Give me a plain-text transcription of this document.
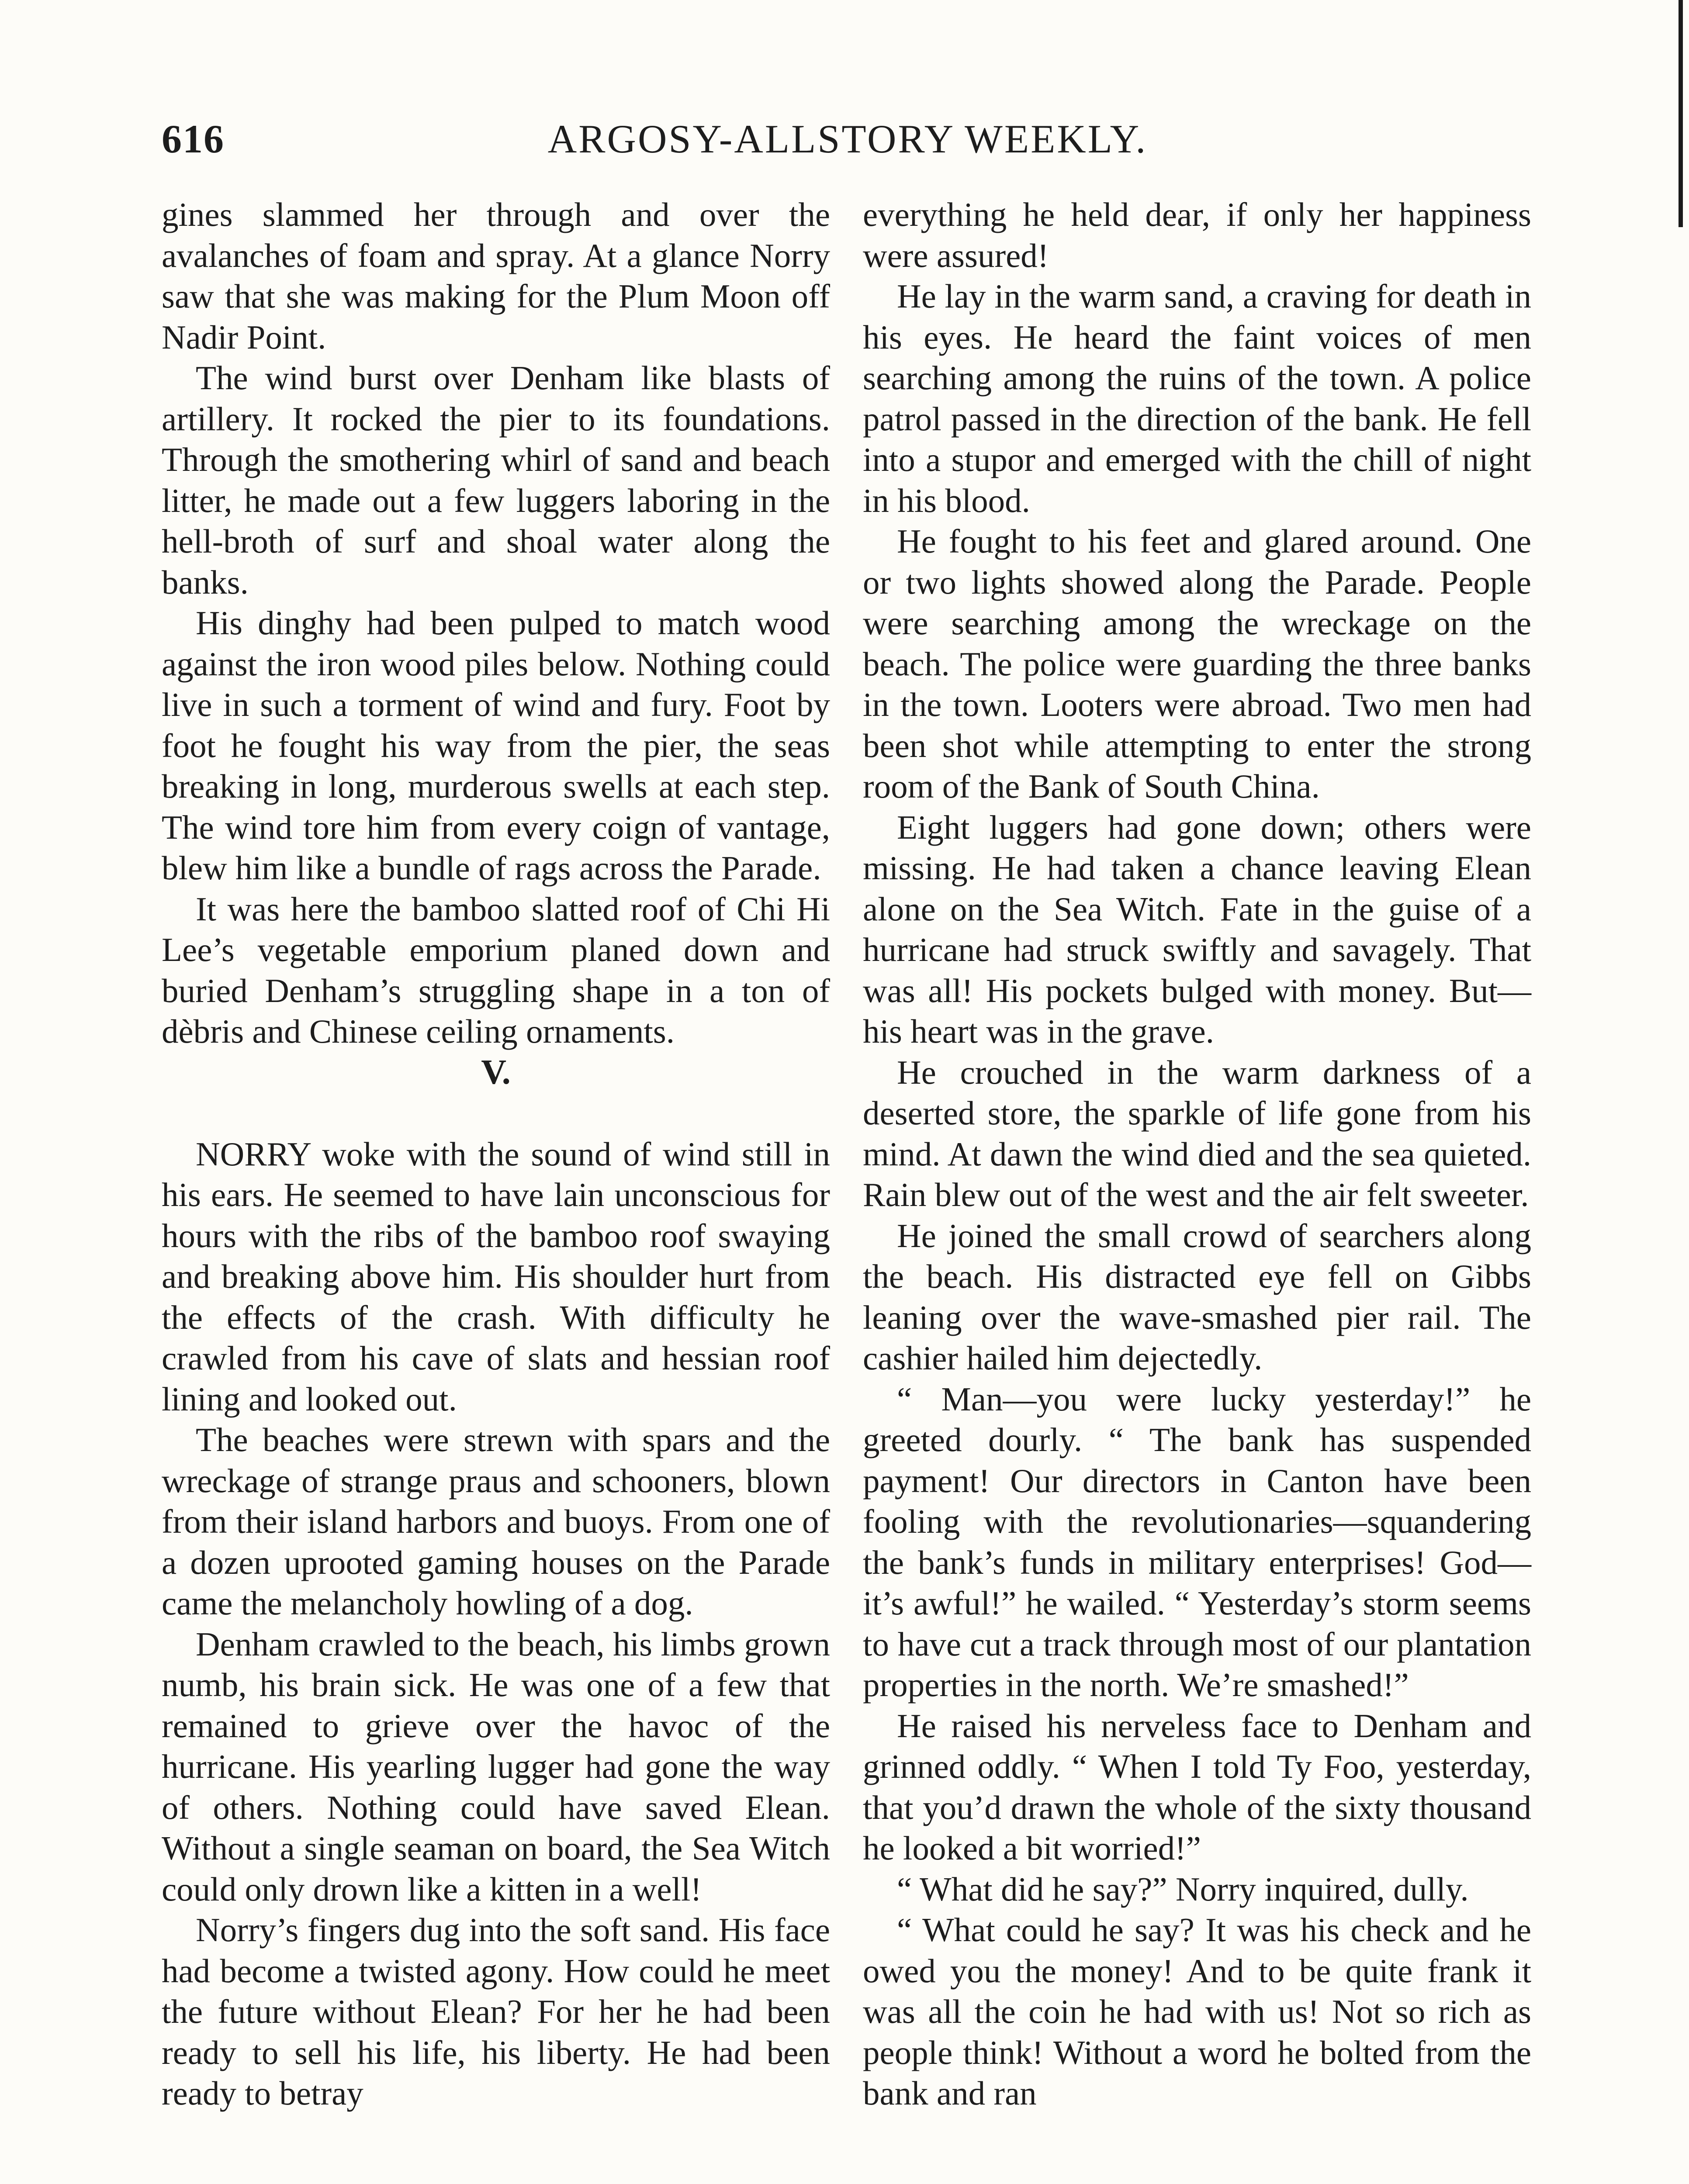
616	ARGOSY-ALLSTORY WEEKLY.

gines slammed her through and over the avalanches of foam and spray. At a glance Norry saw that she was making for the Plum Moon off Nadir Point.

The wind burst over Denham like blasts of artillery. It rocked the pier to its foundations. Through the smothering whirl of sand and beach litter, he made out a few luggers laboring in the hell-broth of surf and shoal water along the banks.

His dinghy had been pulped to match wood against the iron wood piles below. Nothing could live in such a torment of wind and fury. Foot by foot he fought his way from the pier, the seas breaking in long, murderous swells at each step. The wind tore him from every coign of vantage, blew him like a bundle of rags across the Parade.

It was here the bamboo slatted roof of Chi Hi Lee’s vegetable emporium planed down and buried Denham’s struggling shape in a ton of dèbris and Chinese ceiling ornaments.

V.

NORRY woke with the sound of wind still in his ears. He seemed to have lain unconscious for hours with the ribs of the bamboo roof swaying and breaking above him. His shoulder hurt from the effects of the crash. With difficulty he crawled from his cave of slats and hessian roof lining and looked out.

The beaches were strewn with spars and the wreckage of strange praus and schooners, blown from their island harbors and buoys. From one of a dozen uprooted gaming houses on the Parade came the melancholy howling of a dog.

Denham crawled to the beach, his limbs grown numb, his brain sick. He was one of a few that remained to grieve over the havoc of the hurricane. His yearling lugger had gone the way of others. Nothing could have saved Elean. Without a single seaman on board, the Sea Witch could only drown like a kitten in a well!

Norry’s fingers dug into the soft sand. His face had become a twisted agony. How could he meet the future without Elean? For her he had been ready to sell his life, his liberty. He had been ready to betray

everything he held dear, if only her happiness were assured!

He lay in the warm sand, a craving for death in his eyes. He heard the faint voices of men searching among the ruins of the town. A police patrol passed in the direction of the bank. He fell into a stupor and emerged with the chill of night in his blood.

He fought to his feet and glared around. One or two lights showed along the Parade. People were searching among the wreckage on the beach. The police were guarding the three banks in the town. Looters were abroad. Two men had been shot while attempting to enter the strong room of the Bank of South China.

Eight luggers had gone down; others were missing. He had taken a chance leaving Elean alone on the Sea Witch. Fate in the guise of a hurricane had struck swiftly and savagely. That was all! His pockets bulged with money. But—his heart was in the grave.

He crouched in the warm darkness of a deserted store, the sparkle of life gone from his mind. At dawn the wind died and the sea quieted. Rain blew out of the west and the air felt sweeter.

He joined the small crowd of searchers along the beach. His distracted eye fell on Gibbs leaning over the wave-smashed pier rail. The cashier hailed him dejectedly.

“ Man—you were lucky yesterday!” he greeted dourly. “ The bank has suspended payment! Our directors in Canton have been fooling with the revolutionaries—squandering the bank’s funds in military enterprises! God—it’s awful!” he wailed. “ Yesterday’s storm seems to have cut a track through most of our plantation properties in the north. We’re smashed!”

He raised his nerveless face to Denham and grinned oddly. “ When I told Ty Foo, yesterday, that you’d drawn the whole of the sixty thousand he looked a bit worried!”

“ What did he say?” Norry inquired, dully.

“ What could he say? It was his check and he owed you the money! And to be quite frank it was all the coin he had with us! Not so rich as people think! Without a word he bolted from the bank and ran
